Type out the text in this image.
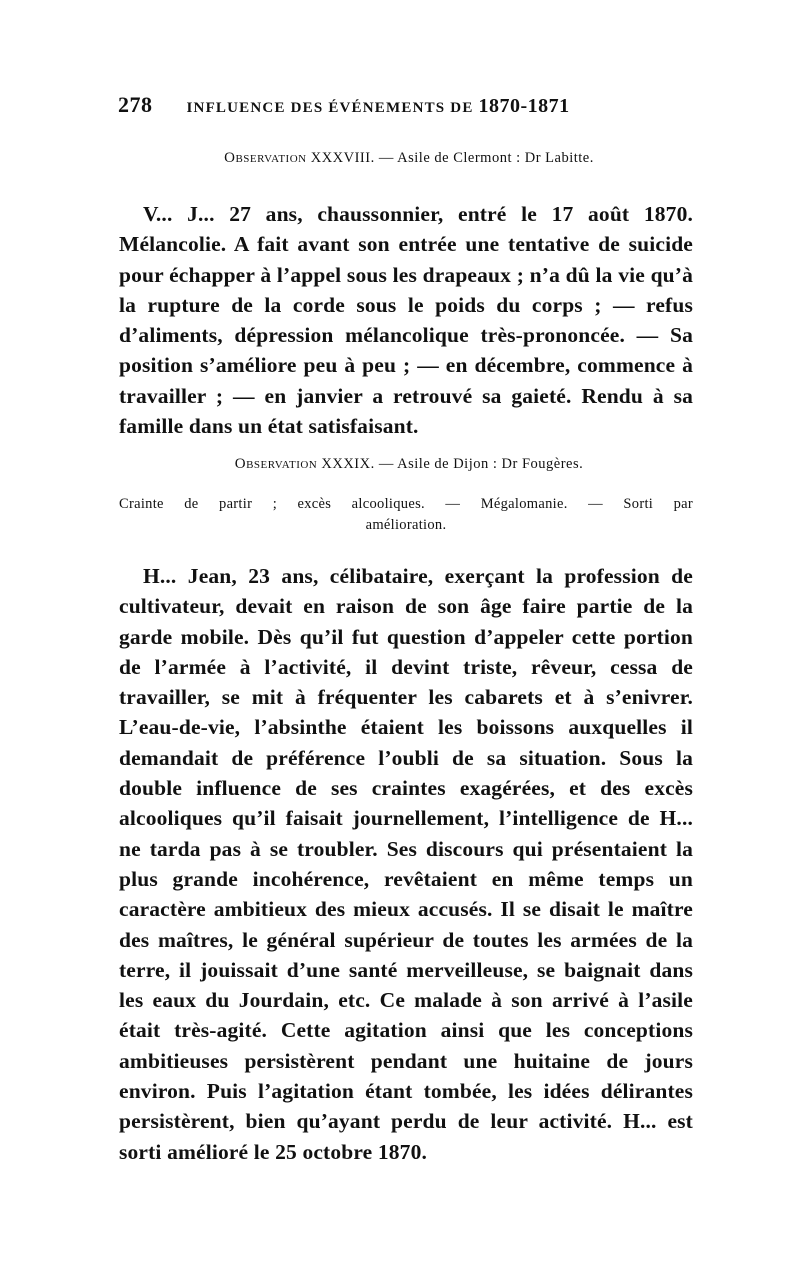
278 INFLUENCE DES ÉVÉNEMENTS DE 1870-1871
Observation XXXVIII. — Asile de Clermont : Dr Labitte.

V... J... 27 ans, chaussonnier, entré le 17 août 1870. Mélancolie. A fait avant son entrée une tentative de suicide pour échapper à l’appel sous les drapeaux ; n’a dû la vie qu’à la rupture de la corde sous le poids du corps ; — refus d’aliments, dépression mélancolique très-prononcée. — Sa position s’améliore peu à peu ; — en décembre, commence à travailler ; — en janvier a retrouvé sa gaieté. Rendu à sa famille dans un état satisfaisant.

Observation XXXIX. — Asile de Dijon : Dr Fougères.
Crainte de partir ; excès alcooliques. — Mégalomanie. — Sorti par
amélioration.

H... Jean, 23 ans, célibataire, exerçant la profession de cultivateur, devait en raison de son âge faire partie de la garde mobile. Dès qu’il fut question d’appeler cette portion de l’armée à l’activité, il devint triste, rêveur, cessa de travailler, se mit à fréquenter les cabarets et à s’enivrer. L’eau-de-vie, l’absinthe étaient les boissons auxquelles il demandait de préférence l’oubli de sa situation. Sous la double influence de ses craintes exagérées, et des excès alcooliques qu’il faisait journellement, l’intelligence de H... ne tarda pas à se troubler. Ses discours qui présentaient la plus grande incohérence, revêtaient en même temps un caractère ambitieux des mieux accusés. Il se disait le maître des maîtres, le général supérieur de toutes les armées de la terre, il jouissait d’une santé merveilleuse, se baignait dans les eaux du Jourdain, etc. Ce malade à son arrivé à l’asile était très-agité. Cette agitation ainsi que les conceptions ambitieuses persistèrent pendant une huitaine de jours environ. Puis l’agitation étant tombée, les idées délirantes persistèrent, bien qu’ayant perdu de leur activité. H... est sorti amélioré le 25 octobre 1870.
